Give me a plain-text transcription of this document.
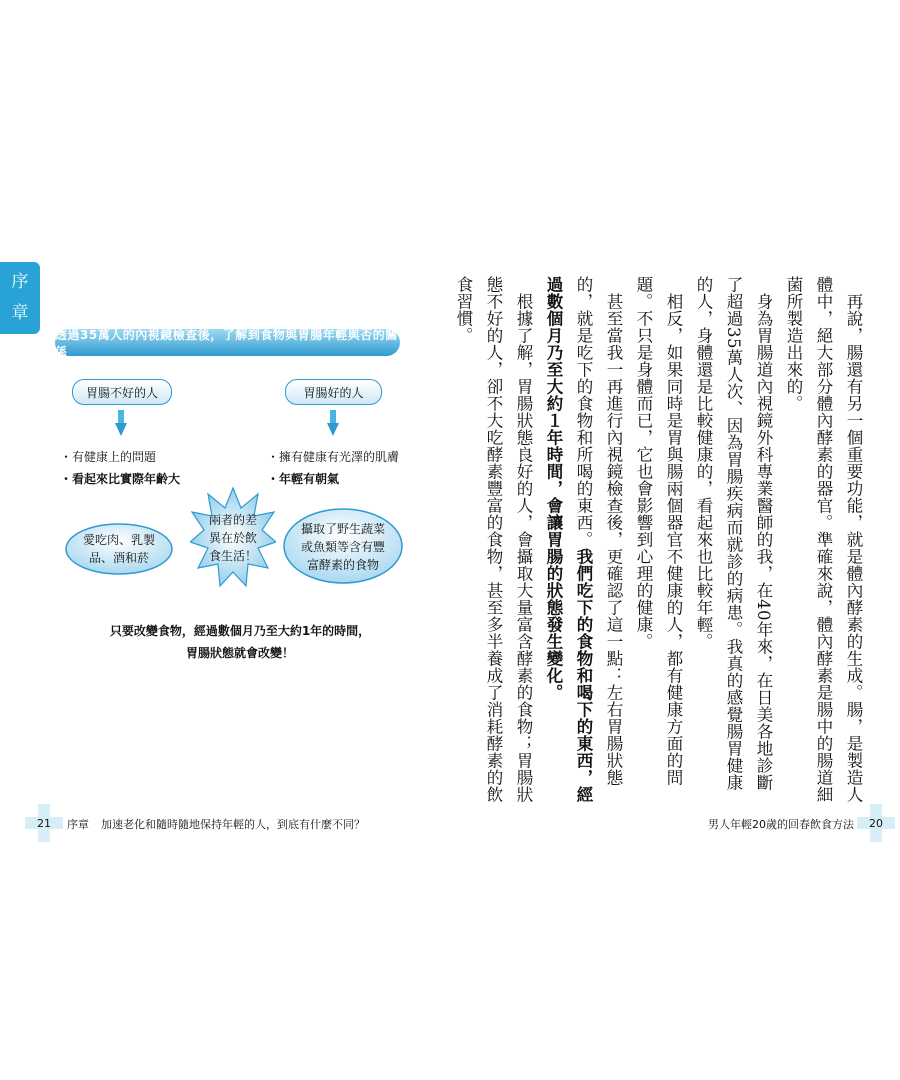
序
章
透過35萬人的內視鏡檢查後，了解到食物與胃腸年輕與否的關係
胃腸不好的人	胃腸好的人
・有健康上的問題
・看起來比實際年齡大
・擁有健康有光澤的肌膚
・年輕有朝氣
愛吃肉、乳製
品、酒和菸
兩者的差
異在於飲
食生活！
攝取了野生蔬菜
或魚類等含有豐
富酵素的食物
只要改變食物，經過數個月乃至大約1年的時間，
胃腸狀態就會改變！	再說，腸還有另一個重要功能，就是體內酵素的生成。腸，是製造人體中，絕大部分體內酵素的器官。準確來說，體內酵素是腸中的腸道細菌所製造出來的。

身為胃腸道內視鏡外科專業醫師的我，在40年來，在日美各地診斷了超過35萬人次、因為胃腸疾病而就診的病患。我真的感覺腸胃健康的人，身體還是比較健康的，看起來也比較年輕。

相反，如果同時是胃與腸兩個器官不健康的人，都有健康方面的問題。不只是身體而已，它也會影響到心理的健康。

甚至當我一再進行內視鏡檢查後，更確認了這一點：左右胃腸狀態的，就是吃下的食物和所喝的東西。我們吃下的食物和喝下的東西，經過數個月乃至大約１年時間，會讓胃腸的狀態發生變化。

根據了解，胃腸狀態良好的人，會攝取大量富含酵素的食物；胃腸狀態不好的人，卻不大吃酵素豐富的食物，甚至多半養成了消耗酵素的飲食習慣。

21	序章 加速老化和隨時隨地保持年輕的人，到底有什麼不同？	男人年輕20歲的回春飲食方法	20
